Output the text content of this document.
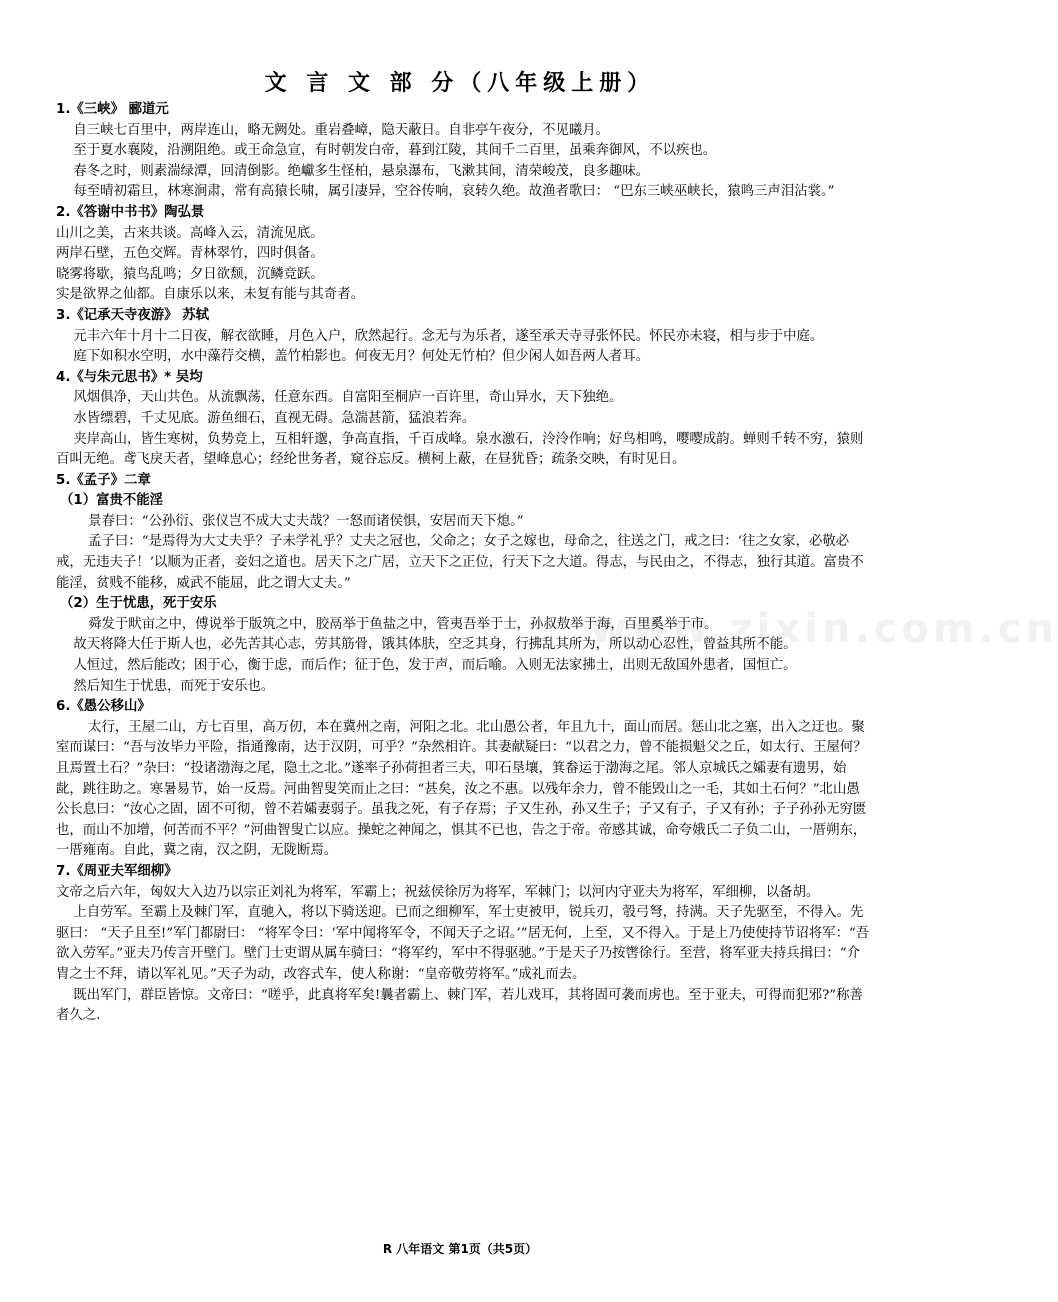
文 言 文 部 分（八年级上册）
www.zixin.com.cn

1.《三峡》 郦道元

自三峡七百里中，两岸连山，略无阙处。重岩叠嶂，隐天蔽日。自非亭午夜分，不见曦月。

至于夏水襄陵，沿溯阻绝。或王命急宣，有时朝发白帝，暮到江陵，其间千二百里，虽乘奔御风，不以疾也。

春冬之时，则素湍绿潭，回清倒影。绝巘多生怪柏，悬泉瀑布，飞漱其间，清荣峻茂，良多趣味。

每至晴初霜旦，林寒涧肃，常有高猿长啸，属引凄异，空谷传响，哀转久绝。故渔者歌曰： “巴东三峡巫峡长，猿鸣三声泪沾裳。”

2.《答谢中书书》陶弘景

山川之美，古来共谈。高峰入云，清流见底。

两岸石壁，五色交辉。青林翠竹，四时俱备。

晓雾将歇，猿鸟乱鸣；夕日欲颓，沉鳞竞跃。

实是欲界之仙都。自康乐以来，未复有能与其奇者。

3.《记承天寺夜游》 苏轼

元丰六年十月十二日夜，解衣欲睡，月色入户，欣然起行。念无与为乐者，遂至承天寺寻张怀民。怀民亦未寝，相与步于中庭。

庭下如积水空明，水中藻荇交横，盖竹柏影也。何夜无月？何处无竹柏？但少闲人如吾两人者耳。

4.《与朱元思书》* 吴均

风烟俱净，天山共色。从流飘荡，任意东西。自富阳至桐庐一百许里，奇山异水，天下独绝。

水皆缥碧，千丈见底。游鱼细石，直视无碍。急湍甚箭，猛浪若奔。

夹岸高山，皆生寒树，负势竞上，互相轩邈，争高直指，千百成峰。泉水激石，泠泠作响；好鸟相鸣，嘤嘤成韵。蝉则千转不穷，猿则百叫无绝。鸢飞戾天者，望峰息心；经纶世务者，窥谷忘反。横柯上蔽，在昼犹昏；疏条交映，有时见日。

5.《孟子》二章

（1）富贵不能淫

景春曰：“公孙衍、张仪岂不成大丈夫哉？一怒而诸侯惧，安居而天下熄。”

孟子曰：“是焉得为大丈夫乎？子未学礼乎？丈夫之冠也，父命之；女子之嫁也，母命之，往送之门，戒之曰：‘往之女家，必敬必戒，无违夫子！’以顺为正者，妾妇之道也。居天下之广居，立天下之正位，行天下之大道。得志，与民由之，不得志，独行其道。富贵不能淫，贫贱不能移，威武不能屈，此之谓大丈夫。”

（2）生于忧患，死于安乐

舜发于畎亩之中，傅说举于版筑之中，胶鬲举于鱼盐之中，管夷吾举于士，孙叔敖举于海，百里奚举于市。

故天将降大任于斯人也，必先苦其心志，劳其筋骨，饿其体肤，空乏其身，行拂乱其所为，所以动心忍性，曾益其所不能。

人恒过，然后能改；困于心，衡于虑，而后作；征于色，发于声，而后喻。入则无法家拂士，出则无敌国外患者，国恒亡。

然后知生于忧患，而死于安乐也。

6.《愚公移山》

太行，王屋二山，方七百里，高万仞，本在冀州之南，河阳之北。北山愚公者，年且九十，面山而居。惩山北之塞，出入之迂也。聚室而谋曰：“吾与汝毕力平险，指通豫南，达于汉阴，可乎？”杂然相许。其妻献疑曰：“以君之力，曾不能损魁父之丘，如太行、王屋何？且焉置土石？”杂曰：“投诸渤海之尾，隐土之北。”遂率子孙荷担者三夫，叩石垦壤，箕畚运于渤海之尾。邻人京城氏之孀妻有遗男，始龀，跳往助之。寒暑易节，始一反焉。河曲智叟笑而止之曰：“甚矣，汝之不惠。以残年余力，曾不能毁山之一毛，其如土石何？”北山愚公长息曰：“汝心之固，固不可彻，曾不若孀妻弱子。虽我之死，有子存焉；子又生孙，孙又生子；子又有子，子又有孙；子子孙孙无穷匮也，而山不加增，何苦而不平？”河曲智叟亡以应。操蛇之神闻之，惧其不已也，告之于帝。帝感其诚，命夸娥氏二子负二山，一厝朔东，一厝雍南。自此，冀之南，汉之阴，无陇断焉。

7.《周亚夫军细柳》

文帝之后六年，匈奴大入边乃以宗正刘礼为将军，军霸上；祝兹侯徐厉为将军，军棘门；以河内守亚夫为将军，军细柳，以备胡。

上自劳军。至霸上及棘门军，直驰入，将以下骑送迎。已而之细柳军，军士吏被甲，锐兵刃，彀弓弩，持满。天子先驱至，不得入。先驱曰： “天子且至!”军门都尉曰： “将军令曰：‘军中闻将军令，不闻天子之诏。’”居无何，上至，又不得入。于是上乃使使持节诏将军：“吾欲入劳军。”亚夫乃传言开壁门。壁门士吏谓从属车骑曰：“将军约，军中不得驱驰。”于是天子乃按辔徐行。至营，将军亚夫持兵揖曰：“介胄之士不拜，请以军礼见。”天子为动，改容式车，使人称谢：“皇帝敬劳将军。”成礼而去。

既出军门，群臣皆惊。文帝曰：“嗟乎，此真将军矣!曩者霸上、棘门军，若儿戏耳，其将固可袭而虏也。至于亚夫，可得而犯邪?”称善者久之.

R 八年语文 第1页（共5页）
